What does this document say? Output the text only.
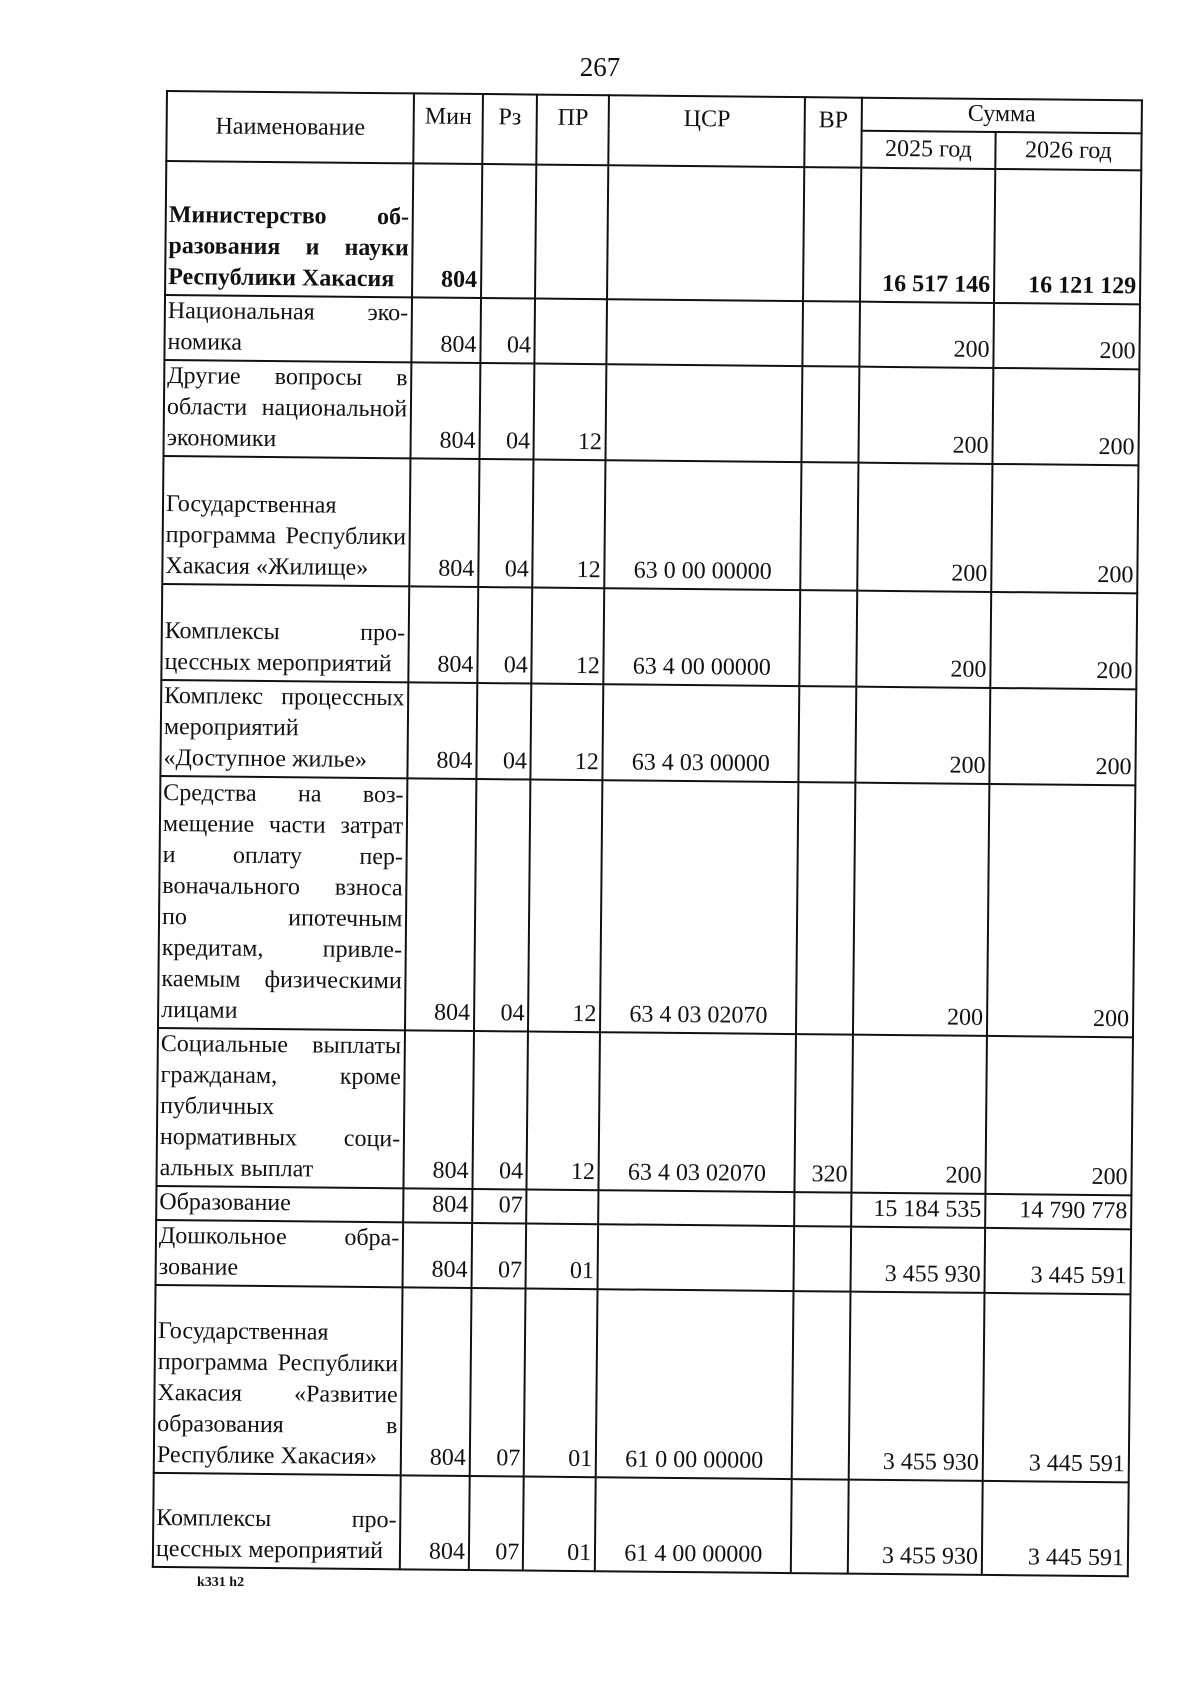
267

Наименование	Мин	Рз	ПР	ЦСР	ВР	Сумма	
						2025 год	2026 год
Министерство образования и науки Республики Хакасия	804					16 517 146	16 121 129
Национальная экономика	804	04				200	200
Другие вопросы в области национальной экономики	804	04	12			200	200
Государственная программа Республики Хакасия «Жилище»	804	04	12	63 0 00 00000		200	200
Комплексы процессных мероприятий	804	04	12	63 4 00 00000		200	200
Комплекс процессных мероприятий «Доступное жилье»	804	04	12	63 4 03 00000		200	200
Средства на возмещение части затрат и оплату первоначального взноса по ипотечным кредитам, привлекаемым физическими лицами	804	04	12	63 4 03 02070		200	200
Социальные выплаты гражданам, кроме публичных нормативных социальных выплат	804	04	12	63 4 03 02070	320	200	200
Образование	804	07				15 184 535	14 790 778
Дошкольное образование	804	07	01			3 455 930	3 445 591
Государственная программа Республики Хакасия «Развитие образования в Республике Хакасия»	804	07	01	61 0 00 00000		3 455 930	3 445 591
Комплексы процессных мероприятий	804	07	01	61 4 00 00000		3 455 930	3 445 591

k331 h2
